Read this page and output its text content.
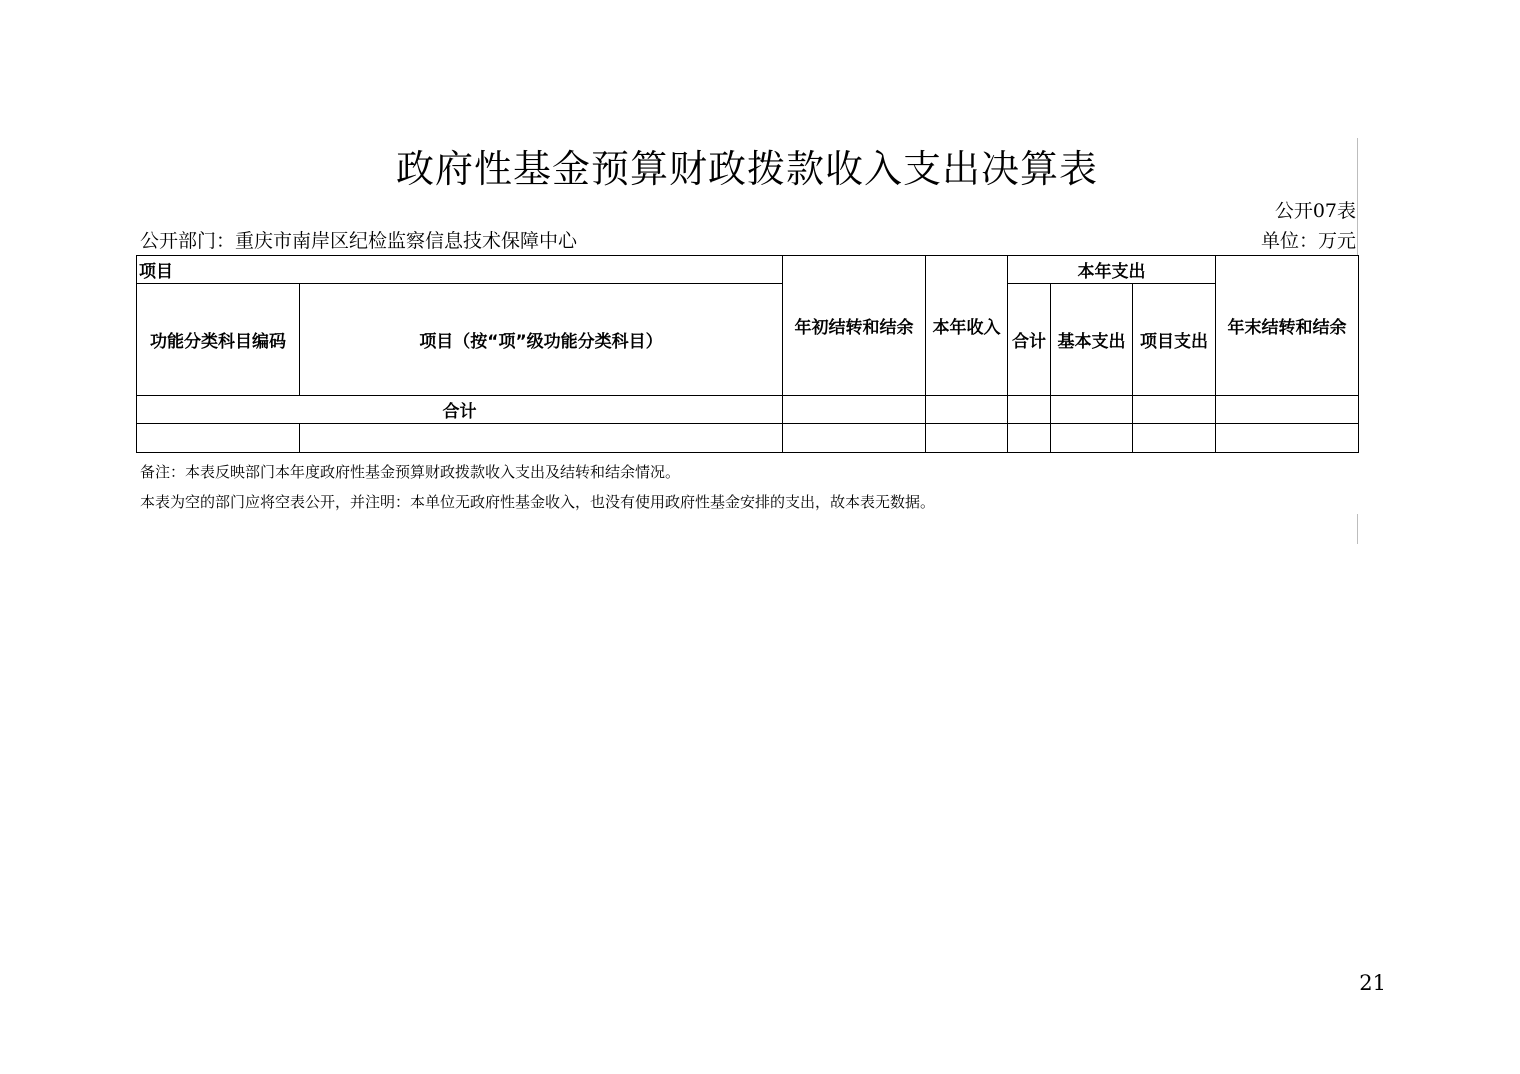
政府性基金预算财政拨款收入支出决算表
公开07表
公开部门：重庆市南岸区纪检监察信息技术保障中心	单位：万元
项目		年初结转和结余	本年收入	本年支出			年末结转和结余
功能分类科目编码	项目（按“项”级功能分类科目）			合计	基本支出	项目支出	
合计							

备注：本表反映部门本年度政府性基金预算财政拨款收入支出及结转和结余情况。
本表为空的部门应将空表公开，并注明：本单位无政府性基金收入，也没有使用政府性基金安排的支出，故本表无数据。
21
